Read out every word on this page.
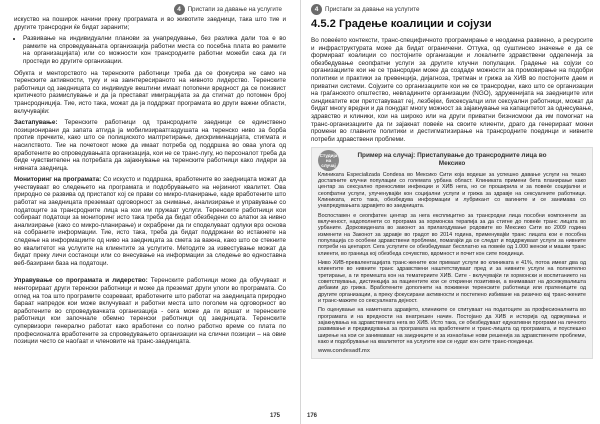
4	Пристапи за давање на услугите

искуство на поширок начини преку програмата и во животите заедници, така што тие и другите трансродни ќе бидат заранити;

• Развивање на индивидуални планови за унапредување, без разлика дали тоа е во рамките на спроведувањата организација работни места со посебна плата во рамките на организацијата) или со можности кон трансродните работни можеби сака да ги простеди во другите организации.

Обукта и менторството на теренските работници треба да се фокусира не само на теренските активности, туку и на заинтересираното на нивното лидерство. Теренските работници од заедницата со индивидуе вештини имаат потопени вредност да се поизвист критичкото размислување и да ја престават имиграцијата за да стигнат до потомен број трансродниција. Тие, исто така, можат да ја поддржат програмата во други важни области, вклучувајќи:

Застапување: Теренските работници од трансродните заедници се единствено позиционирани да запата атгида ја мобилизираатгаздушата на теренско ниво за борба против пречките, како што се полициското малтретирање, дискриминацијата, стигмата и насилството. Тие на почетокот може да имаат потреба од поддршка во оваа улога од вработените во спроведувањата организација, кои не се транс-лугу, но персоналот треба да биде чувствителен на потребата да зајакнување на теренските работници како лидери за нивната заедница.

Мониторинг на програмата: Со искусто и поддршка, вработените во заедницата можат да учествуваат во следењето на програмата и подобрувањето на нејзиниот квалитет. Ова природно се развива од пристапот кој се прави со микро-планирање, каде вработените што работат на заедницата преземаат одговорност за снимање, анализирање и управување со податоците за трансродните лица на кои им пружаат услуги. Теренските работници кои собираат податоци за мониторинг исто така треба да бидат обезбедени со алатки за нивно анализирање (како со микро-планирање) и охрабрени да ги споделуваат одлуки врз основа на собраните информации. Тие, исто така, треба да бидат поддржани во истакнете на следење на информациите од ниво на заедницата за сметa за важна, како што се стекните во квалитетот на услугите на клиентите за услугите. Методите за известување можат да бидат преку личи состаноци или со внесување на информации за следење во едноставна веб-базирани база на податоци.

Управување со програмата и лидерство: Теренските работници може да обучуваат и менторираат други теренски работници и може да преземат други улоги во програмата. Со оглед на тоа што програмите созреваат, вработените што работат на заедницата природно бараат напредок кои може вклучуваат и работни места што поголем на одговорност во вработените во спроведувачката организација - сега може да ги вршат и теренските работници кои започнале обемно теренски работници од заедницата. Теренските супервизори генерално работат како вработени со полно работно време со плата по професионалга вработените за спроведувањето организации на слични позиции – на овие позиции често се наоѓаат и членовите на транс-заедницата.

175
4	Пристапи за давање на услугите
4.5.2 Градење коалиции и сојузи

Во повеќето контексти, транс-специфичното програмирање е неодамна развиено, а ресурсите и инфраструктурата може да бидат ограничени. Оттука, од суштинско значење е да се формираат коалиции со постојните организации и локалните здравствени одделенија за обезбедување сеопфатни услуги за другите клучни популации. Градење на сојузи со организациите кои не се трансродни може да создаде можности за промовирање на подобри политики и практики за превенција, дијагноза, третман и грижа за ХИВ во постојните даем и приватни системи. Сојузите со организациите кои не се трансродни, како што се организации на граѓанското општество, невладините организации (NGO), здруженијата на заедниците или синдикатите кои претставуваат гej, лезбејки, бисексуалци или сексуални работници, можат да бидат многу вредни и да понудат многу можност за зајакнување на капацитетот за однесување, здравство и клиники, кои на широко или на други приватни бизнисмоки да им помогнат на транс-организациите да ги зајакнат повеќе на своите клиенти, драго да генерираат мокни промени во главните политики и дестигматизирање на трансродните поединци и нивните потреби здравствени проблеми.

Студија на случај
Пример на случај: Пристапување до трансродните лица во Мексико

Клиниката Especializada Condesa во Мексико Сити која водеше за успешно давање услуги на тешко достапните клучни популации со големата урбана област. Клиниката примени бета планирање како центар за сексуално преносливи инфекции и ХИВ нега, но се проширила и за повеќе социјални и сеопфатни услуги, улученувајќи кон социјални услуги и грижа за здравје на сексуалните работници. Клиниката, исто така, обезбедува информации и лубрикант со вагините и се занимава со унапредувањата здравјето во заедницата.

Воспоставен е сеопфатен центар за нега експлицитно за трансродни лица пособни компоненти за вклученост, надополнети со програма за хормонска терапија за да стигне до повеќе транс лицата во урбаните. Дорковидената во законот за прилагодување родовите во Мексико Сити во 2009 година изменети на Законот за здравје во градот во 2014 година, применувајќи транс лицата кои е пособна популација со особени здравствени проблеми, помагајќи да се следат и поддржуваат услуги за нивните потреби на центарот. Сега услугите се обезбедуваат бесплатно на повеќе од 1.000 женски и машки транс клиенти, во граница кој обезбеда сочувство, вдомност и почит кон сите поединци.

Ниво ХИВ-превалентацијата транс-жените кои примаат услуги во клиниката е 41%, потоа имеат два од клиентите во нивните транс здравствени наштетствуваат пред и за нивните услуги на полнително третирање, а ги премешта кон на тематериите ХИВ. Сите - вклучувајќи ги хормонски и воспитанието на советствувања, дистинкција за пациентите кои се откриени позитивни, а внимаваат на досежувалишта дебакии до грижа. Вработените дополнети на поживени теренските работници или пратениците од другите организации, а преку фокусирани активности и постепено избиване на ризично кај транс-жените и транс-мажите со сексуалната дејност.

По оценување на наметната здравјето, клиниките се спитуваат на податоците за професионалнита во програмата и на вредности на внатрешен начин. Постојано да ХИВ и историја од одржувања и зајакнувања на здравствената нега во ХИВ. Исто така, се обезбедуваат едукативни програми на личното развивање и предвидувања за програмата на вработените и транс-лицата од програмата, и поуспешно ширење на кои се занимаваат на заедниците и за изнаоѓање нови решенија за здравствените проблеми, како и подобрување на квалитетот на услугите кои се нудат кон сите транс-поединци.

www.condesadf.mx
176
